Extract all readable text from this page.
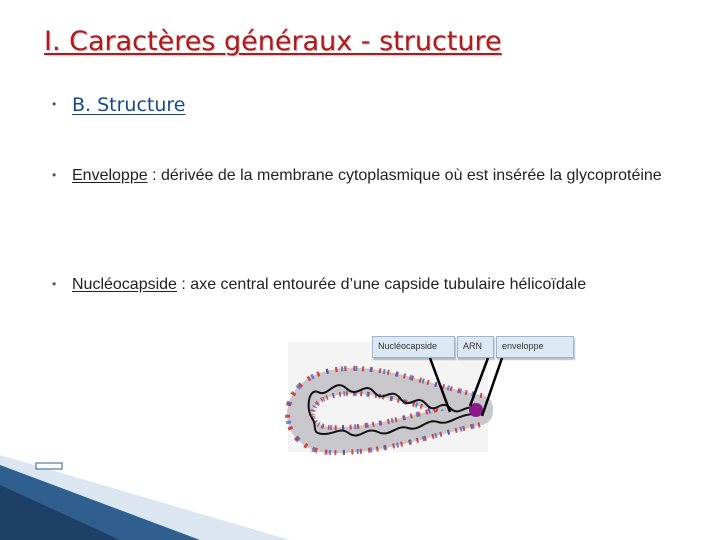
I. Caractères généraux - structure
• B. Structure
• Enveloppe : dérivée de la membrane cytoplasmique où est insérée la glycoprotéine
• Nucléocapside : axe central entourée d’une capside tubulaire hélicoïdale
Nucléocapside	ARN	enveloppe
